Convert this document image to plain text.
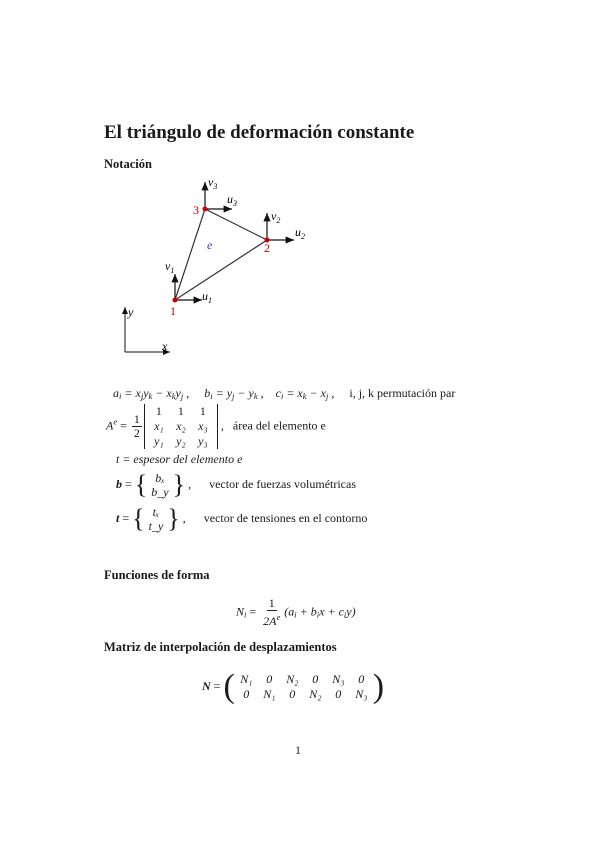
El triángulo de deformación constante
Notación
1
2
3
e
$v_1$
$u_1$
$v_2$
$u_2$
$v_3$
$u_3$
y
x
$a_i = x_jy_k - x_ky_j$ ,     $b_i = y_j - y_k$ ,    $c_i = x_k - x_j$ ,     i, j, k permutación par
$A^e = \frac{1}{2}$
1	1	1
x₁	x₂	x₃
y₁	y₂	y₃
,   área del elemento e
t = espesor del elemento e
b = { bₓ
b_y } ,      vector de fuerzas volumétricas
t = { tₓ
t_y } ,      vector de tensiones en el contorno
Funciones de forma
$N_i = \frac{1}{2A^e} (a_i + b_ix + c_iy)$
Matriz de interpolación de desplazamientos
N = ( N₁	0	N₂	0	N₃	0
0	N₁	0	N₂	0	N₃ )
1
